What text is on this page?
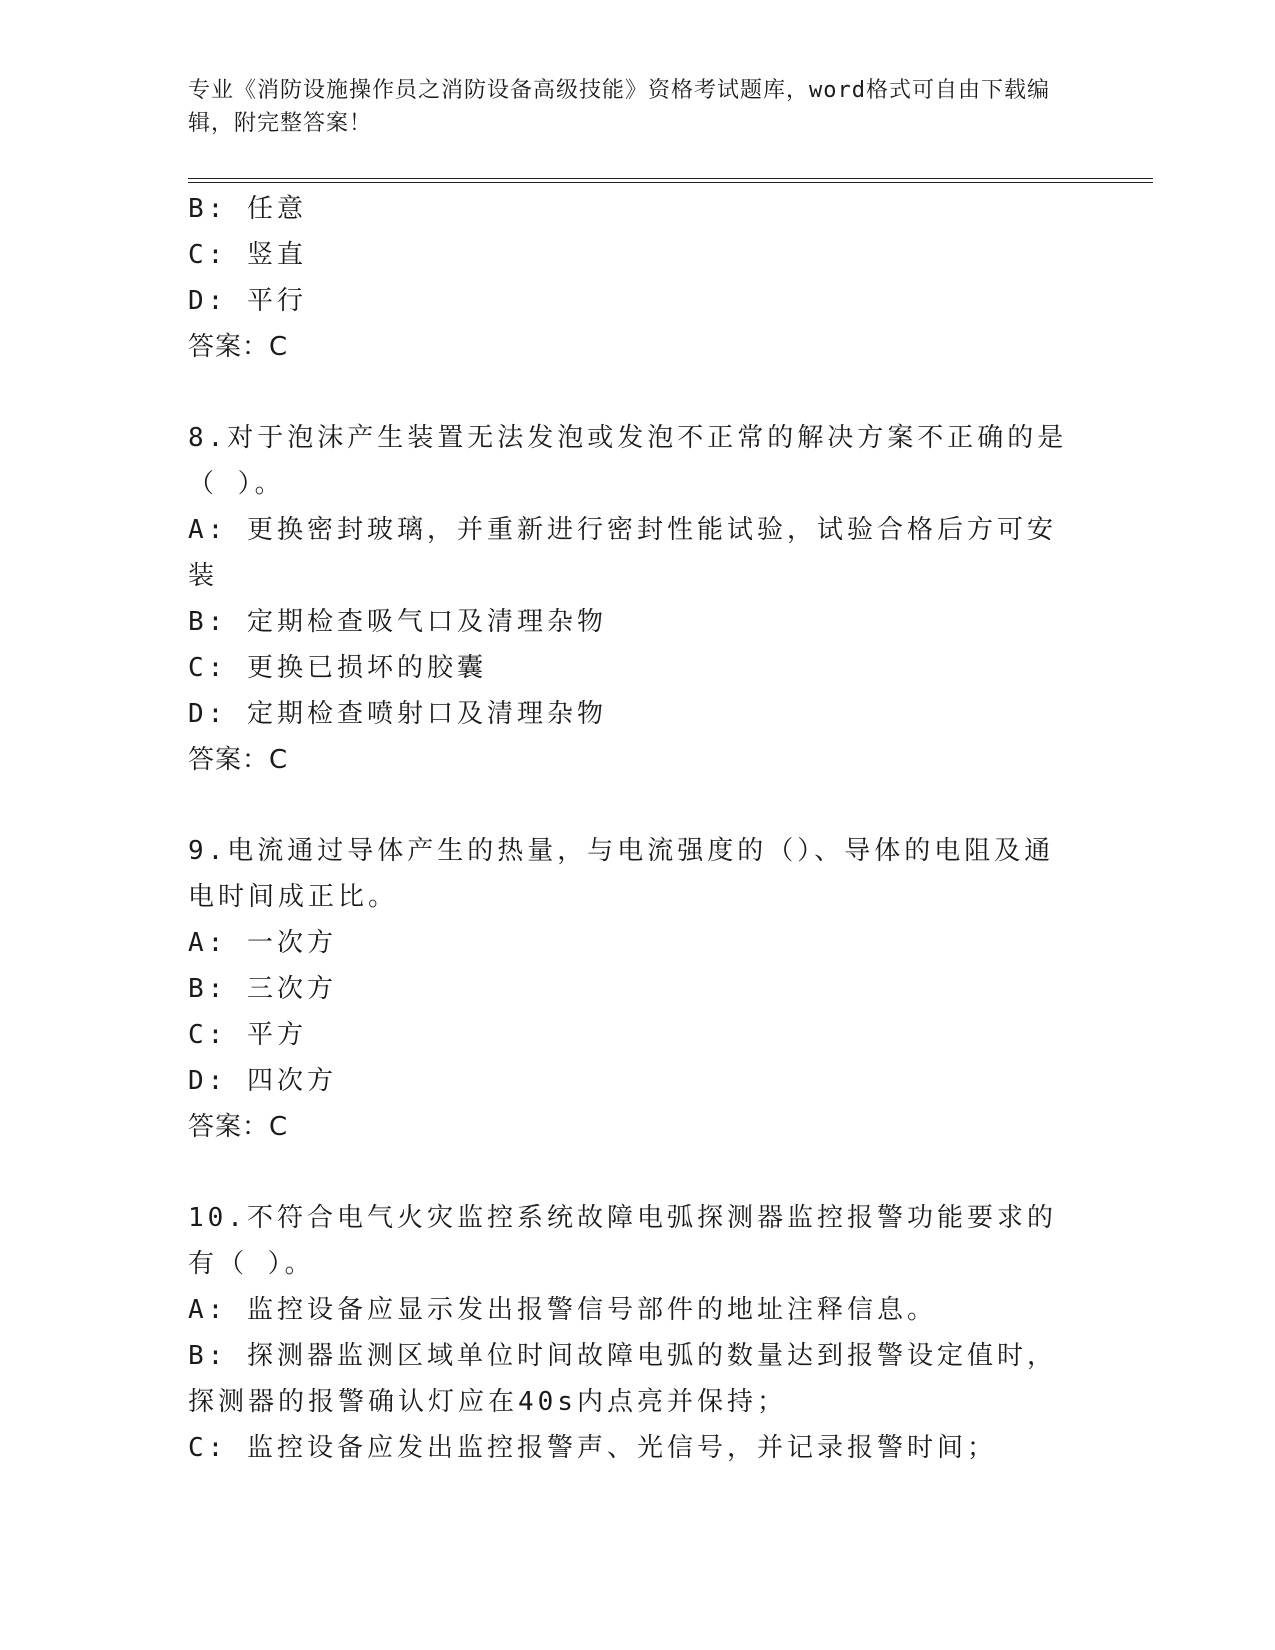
专业《消防设施操作员之消防设备高级技能》资格考试题库，word格式可自由下载编辑，附完整答案！

B: 任意

C: 竖直

D: 平行

答案：C

8.对于泡沫产生装置无法发泡或发泡不正常的解决方案不正确的是（ ）。

A: 更换密封玻璃，并重新进行密封性能试验，试验合格后方可安装

B: 定期检查吸气口及清理杂物

C: 更换已损坏的胶囊

D: 定期检查喷射口及清理杂物

答案：C

9.电流通过导体产生的热量，与电流强度的（）、导体的电阻及通电时间成正比。

A: 一次方

B: 三次方

C: 平方

D: 四次方

答案：C

10.不符合电气火灾监控系统故障电弧探测器监控报警功能要求的有（ ）。

A: 监控设备应显示发出报警信号部件的地址注释信息。

B: 探测器监测区域单位时间故障电弧的数量达到报警设定值时，探测器的报警确认灯应在40s内点亮并保持；

C: 监控设备应发出监控报警声、光信号，并记录报警时间；
